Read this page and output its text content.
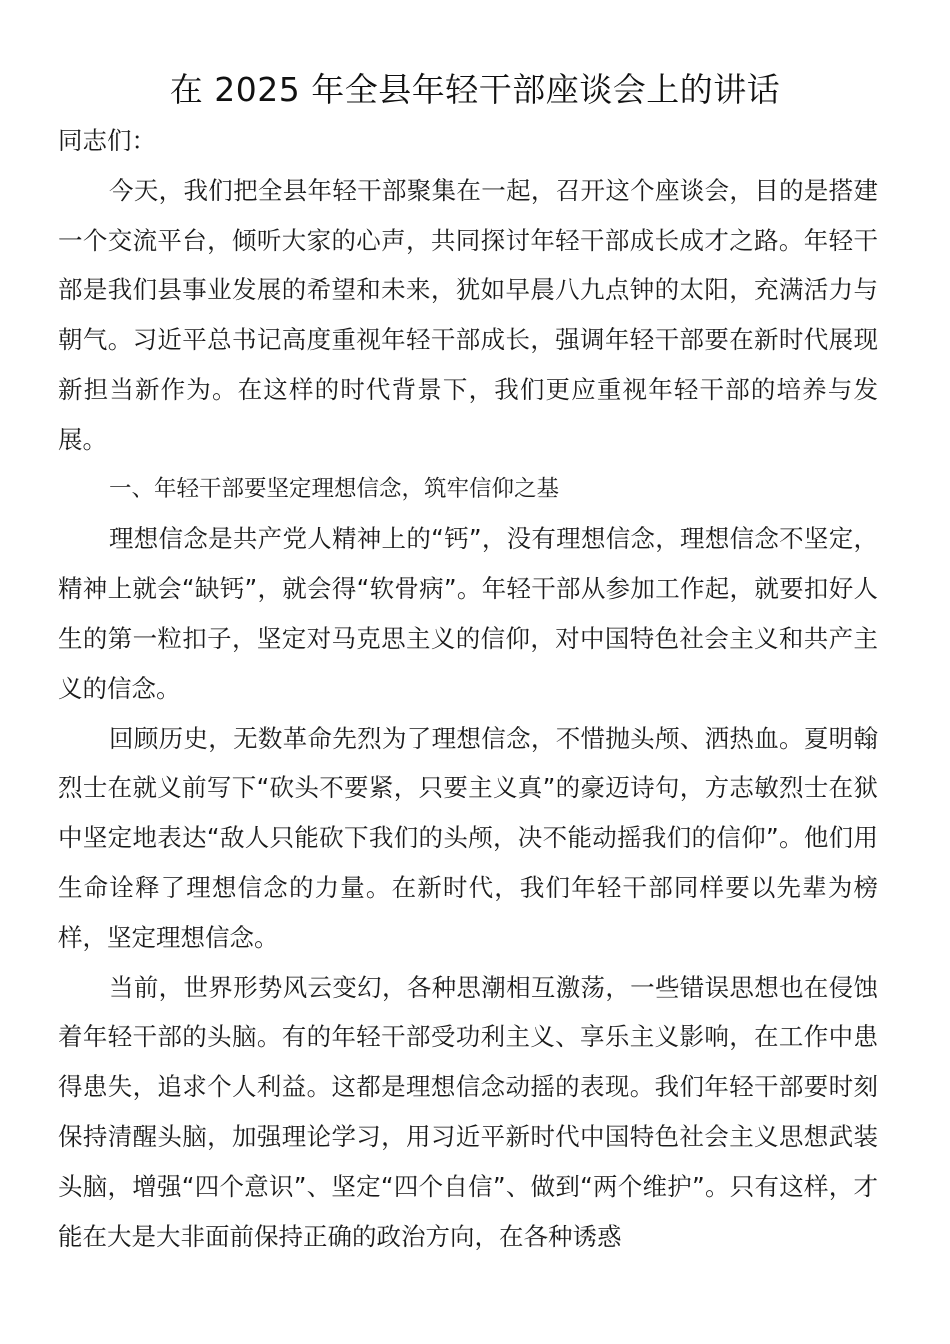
在 2025 年全县年轻干部座谈会上的讲话

同志们：

今天，我们把全县年轻干部聚集在一起，召开这个座谈会，目的是搭建一个交流平台，倾听大家的心声，共同探讨年轻干部成长成才之路。年轻干部是我们县事业发展的希望和未来，犹如早晨八九点钟的太阳，充满活力与朝气。习近平总书记高度重视年轻干部成长，强调年轻干部要在新时代展现新担当新作为。在这样的时代背景下，我们更应重视年轻干部的培养与发展。

一、年轻干部要坚定理想信念，筑牢信仰之基

理想信念是共产党人精神上的“钙”，没有理想信念，理想信念不坚定，精神上就会“缺钙”，就会得“软骨病”。年轻干部从参加工作起，就要扣好人生的第一粒扣子，坚定对马克思主义的信仰，对中国特色社会主义和共产主义的信念。

回顾历史，无数革命先烈为了理想信念，不惜抛头颅、洒热血。夏明翰烈士在就义前写下“砍头不要紧，只要主义真”的豪迈诗句，方志敏烈士在狱中坚定地表达“敌人只能砍下我们的头颅，决不能动摇我们的信仰”。他们用生命诠释了理想信念的力量。在新时代，我们年轻干部同样要以先辈为榜样，坚定理想信念。

当前，世界形势风云变幻，各种思潮相互激荡，一些错误思想也在侵蚀着年轻干部的头脑。有的年轻干部受功利主义、享乐主义影响，在工作中患得患失，追求个人利益。这都是理想信念动摇的表现。我们年轻干部要时刻保持清醒头脑，加强理论学习，用习近平新时代中国特色社会主义思想武装头脑，增强“四个意识”、坚定“四个自信”、做到“两个维护”。只有这样，才能在大是大非面前保持正确的政治方向，在各种诱惑
